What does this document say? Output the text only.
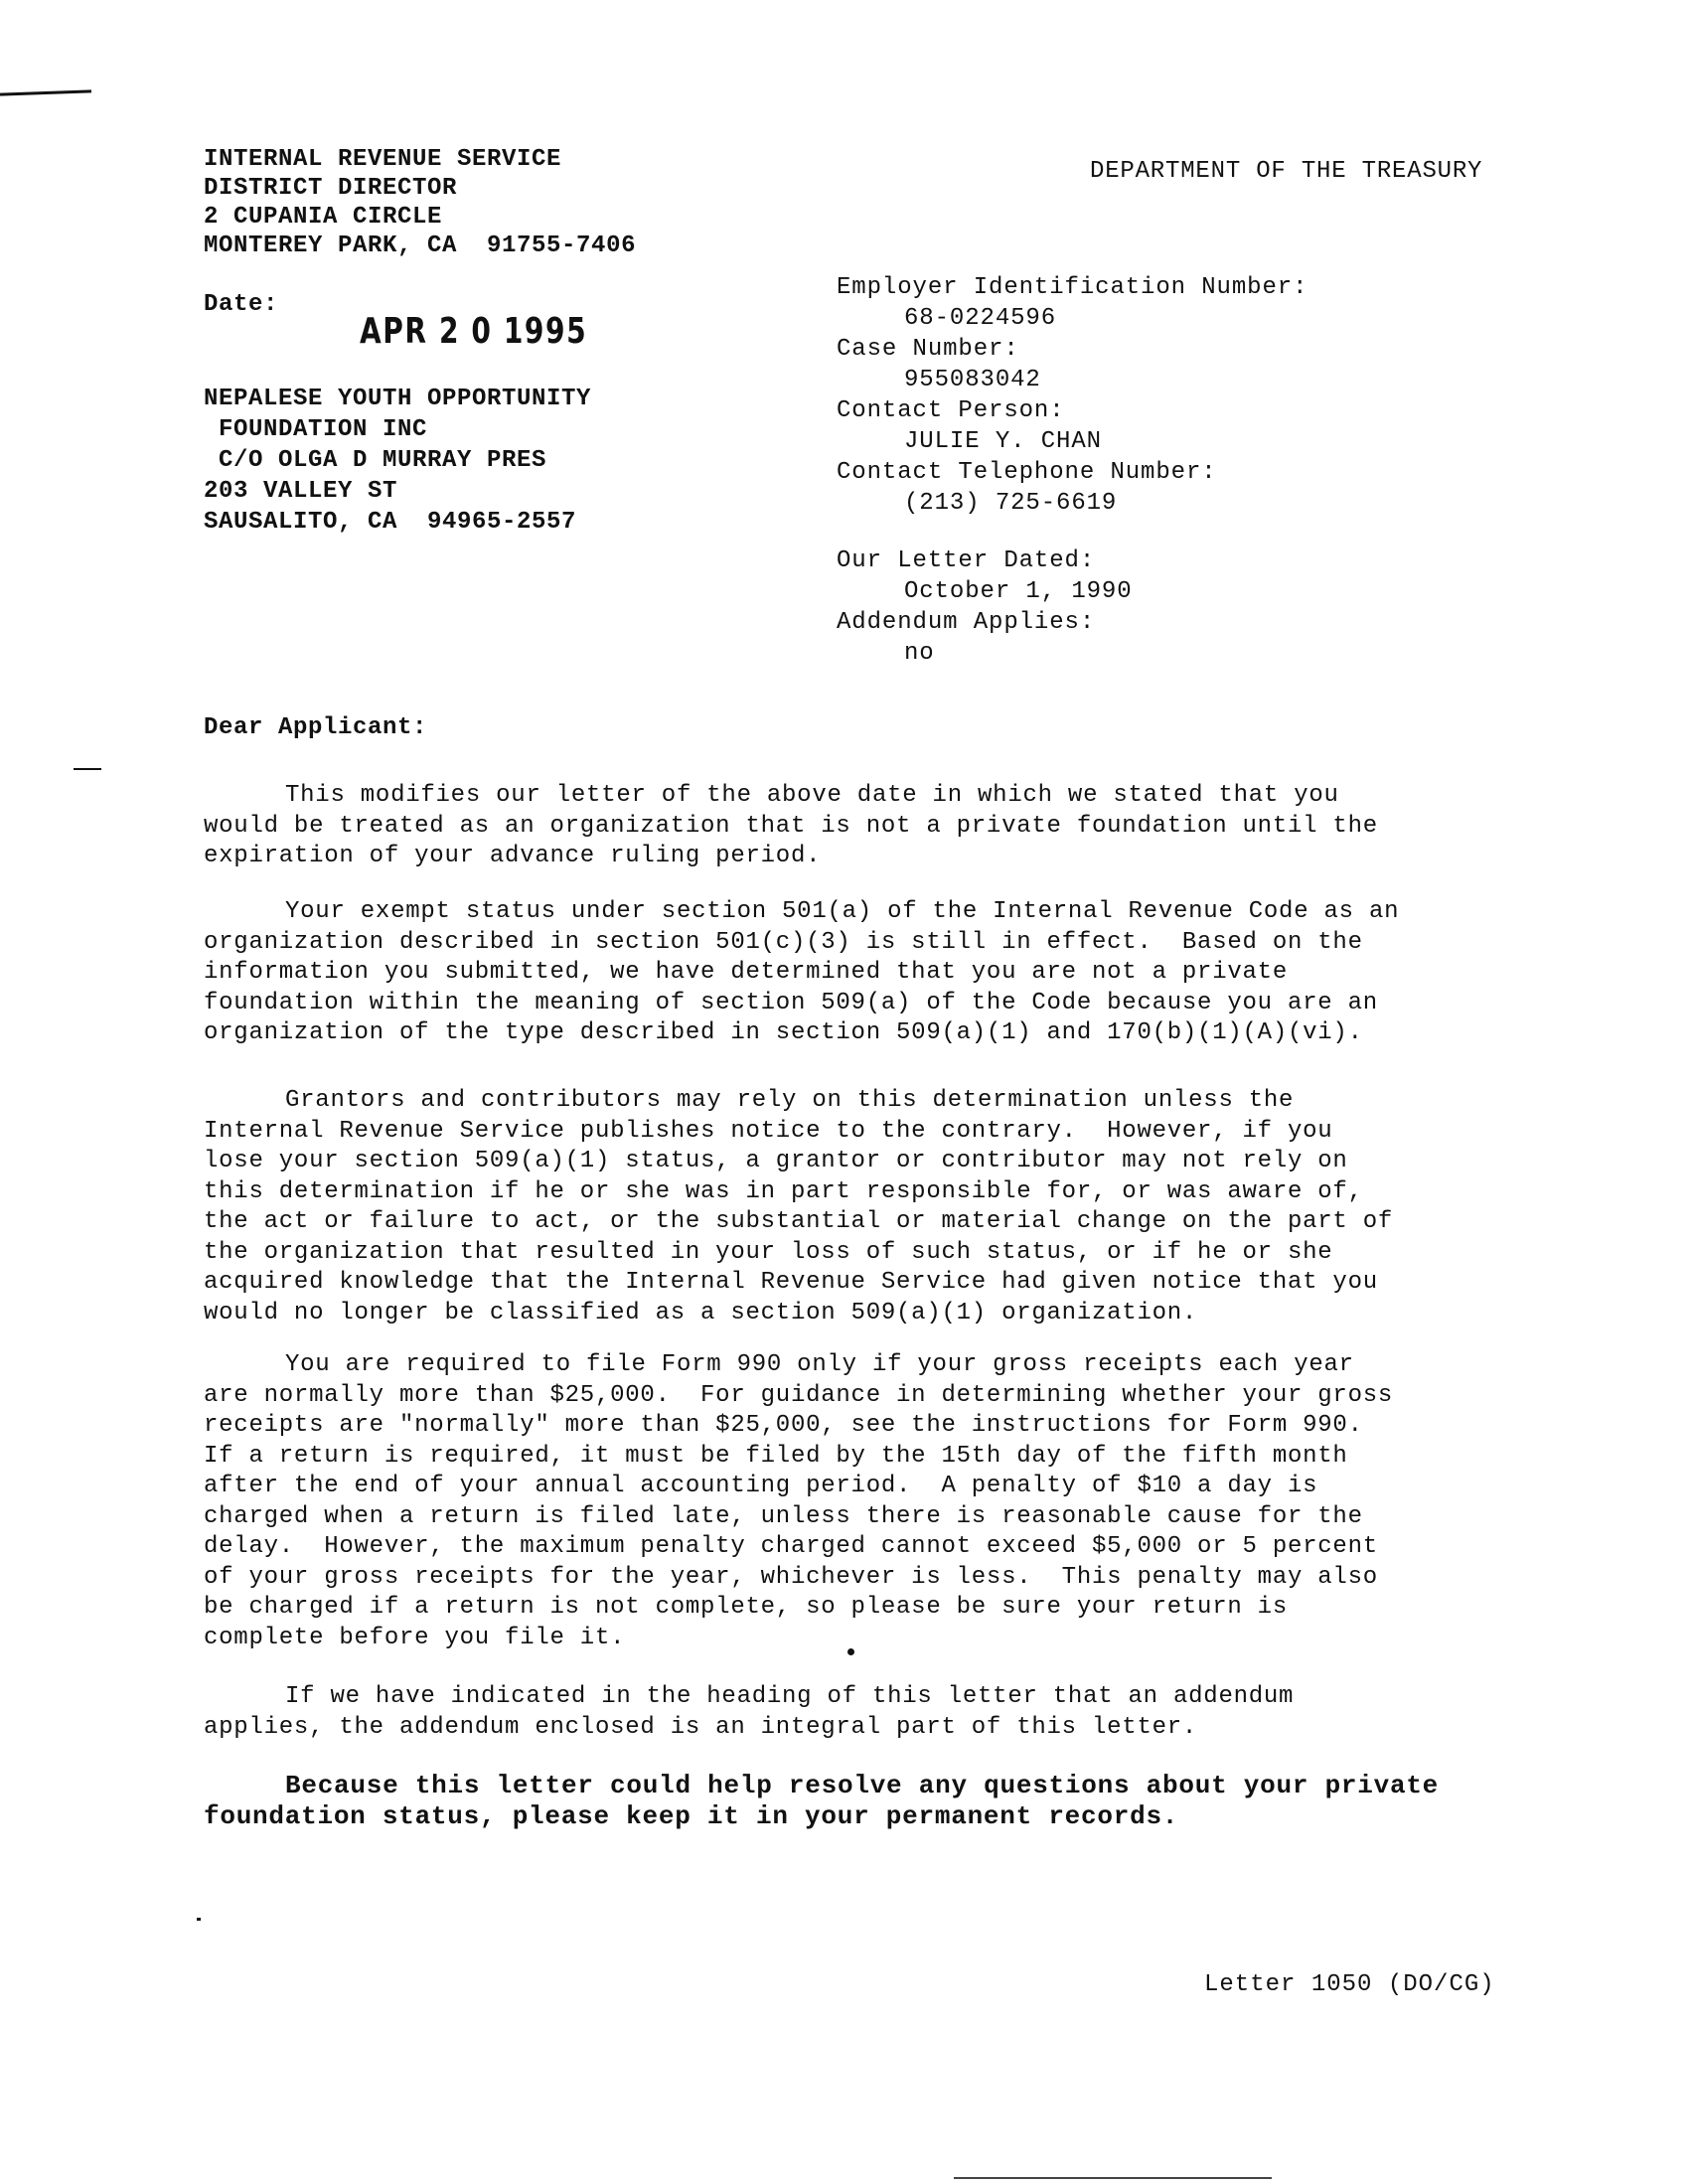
INTERNAL REVENUE SERVICE
DISTRICT DIRECTOR
2 CUPANIA CIRCLE
MONTEREY PARK, CA  91755-7406
DEPARTMENT OF THE TREASURY
Date:
APR 2 0 1995
NEPALESE YOUTH OPPORTUNITY
FOUNDATION INC
C/O OLGA D MURRAY PRES
203 VALLEY ST
SAUSALITO, CA  94965-2557
Employer Identification Number:
68-0224596
Case Number:
955083042
Contact Person:
JULIE Y. CHAN
Contact Telephone Number:
(213) 725-6619
Our Letter Dated:
October 1, 1990
Addendum Applies:
no
Dear Applicant:
This modifies our letter of the above date in which we stated that you
would be treated as an organization that is not a private foundation until the
expiration of your advance ruling period.
Your exempt status under section 501(a) of the Internal Revenue Code as an
organization described in section 501(c)(3) is still in effect.  Based on the
information you submitted, we have determined that you are not a private
foundation within the meaning of section 509(a) of the Code because you are an
organization of the type described in section 509(a)(1) and 170(b)(1)(A)(vi).
Grantors and contributors may rely on this determination unless the
Internal Revenue Service publishes notice to the contrary.  However, if you
lose your section 509(a)(1) status, a grantor or contributor may not rely on
this determination if he or she was in part responsible for, or was aware of,
the act or failure to act, or the substantial or material change on the part of
the organization that resulted in your loss of such status, or if he or she
acquired knowledge that the Internal Revenue Service had given notice that you
would no longer be classified as a section 509(a)(1) organization.
You are required to file Form 990 only if your gross receipts each year
are normally more than $25,000.  For guidance in determining whether your gross
receipts are "normally" more than $25,000, see the instructions for Form 990.
If a return is required, it must be filed by the 15th day of the fifth month
after the end of your annual accounting period.  A penalty of $10 a day is
charged when a return is filed late, unless there is reasonable cause for the
delay.  However, the maximum penalty charged cannot exceed $5,000 or 5 percent
of your gross receipts for the year, whichever is less.  This penalty may also
be charged if a return is not complete, so please be sure your return is
complete before you file it.
If we have indicated in the heading of this letter that an addendum
applies, the addendum enclosed is an integral part of this letter.
Because this letter could help resolve any questions about your private
foundation status, please keep it in your permanent records.
Letter 1050 (DO/CG)
